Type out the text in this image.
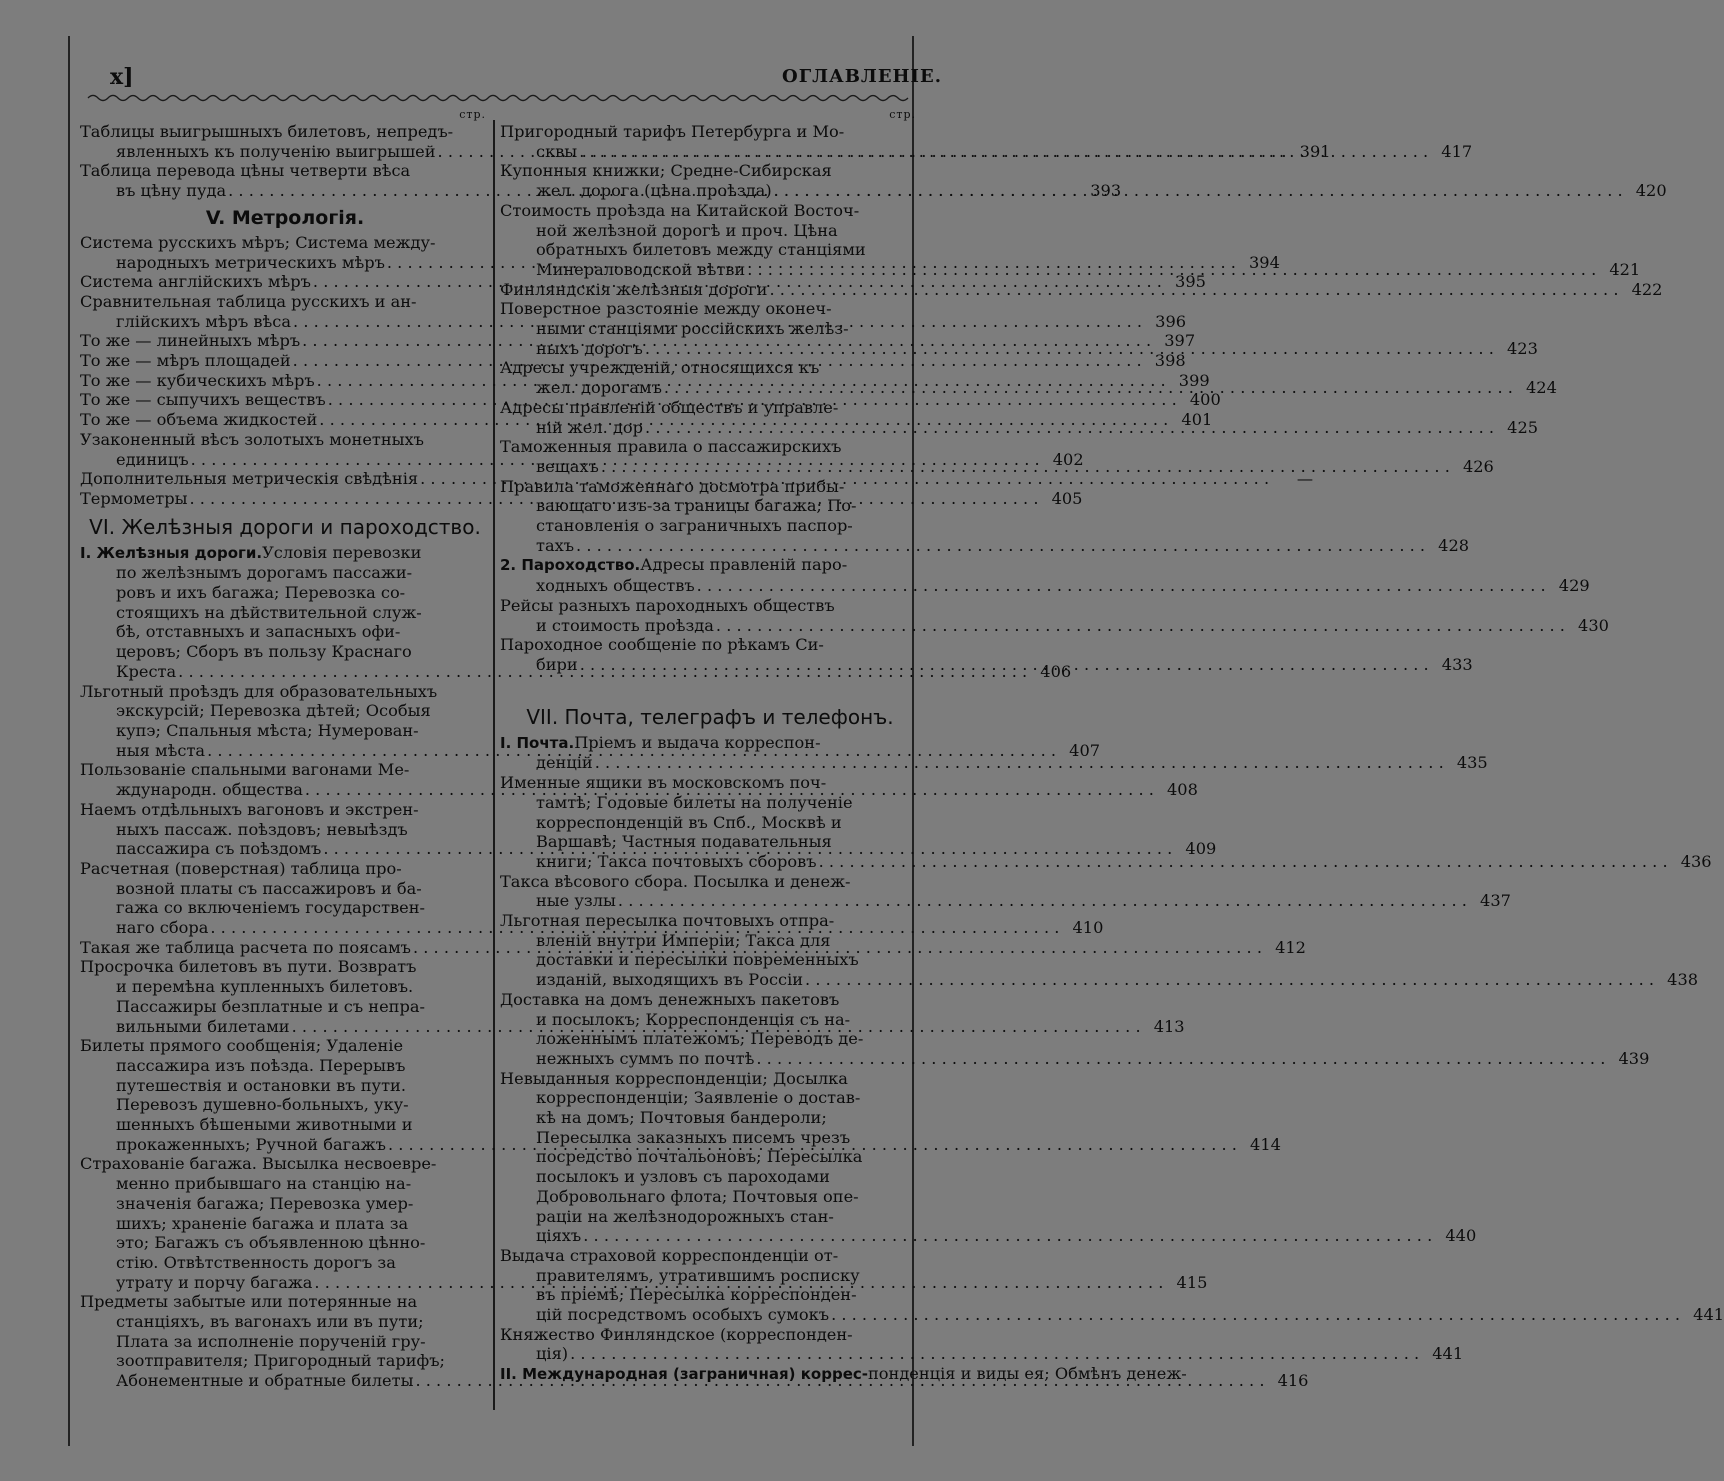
x]	ОГЛАВЛЕНІЕ.
стр.
Таблицы выигрышныхъ билетовъ, непредъ-
явленныхъ къ полученію выигрышей . . .	391
Таблица перевода цѣны четверти вѣса
въ цѣну пуда . . .	393
V. Метрологія.
Система русскихъ мѣръ; Система между-
народныхъ метрическихъ мѣръ . . .	394
Система англійскихъ мѣръ . . .	395
Сравнительная таблица русскихъ и ан-
глійскихъ мѣръ вѣса . . .	396
То же — линейныхъ мѣръ . . .	397
То же — мѣръ площадей . . .	398
То же — кубическихъ мѣръ . . .	399
То же — сыпучихъ веществъ . . .	400
То же — объема жидкостей . . .	401
Узаконенный вѣсъ золотыхъ монетныхъ
единицъ . . .	402
Дополнительныя метрическія свѣдѣнія . . .	—
Термометры . . .	405
VI. Желѣзныя дороги и пароходство.
I. Желѣзныя дороги. Условія перевозки
по желѣзнымъ дорогамъ пассажи-
ровъ и ихъ багажа; Перевозка со-
стоящихъ на дѣйствительной служ-
бѣ, отставныхъ и запасныхъ офи-
церовъ; Сборъ въ пользу Краснаго
Креста . . .	406
Льготный проѣздъ для образовательныхъ
экскурсій; Перевозка дѣтей; Особыя
купэ; Спальныя мѣста; Нумерован-
ныя мѣста . . .	407
Пользованіе спальными вагонами Ме-
ждународн. общества . . .	408
Наемъ отдѣльныхъ вагоновъ и экстрен-
ныхъ пассаж. поѣздовъ; невыѣздъ
пассажира съ поѣздомъ . . .	409
Расчетная (поверстная) таблица про-
возной платы съ пассажировъ и ба-
гажа со включеніемъ государствен-
наго сбора . . .	410
Такая же таблица расчета по поясамъ . . .	412
Просрочка билетовъ въ пути. Возвратъ
и перемѣна купленныхъ билетовъ.
Пассажиры безплатные и съ непра-
вильными билетами . . .	413
Билеты прямого сообщенія; Удаленіе
пассажира изъ поѣзда. Перерывъ
путешествія и остановки въ пути.
Перевозъ душевно-больныхъ, уку-
шенныхъ бѣшеными животными и
прокаженныхъ; Ручной багажъ . . .	414
Страхованіе багажа. Высылка несвоевре-
менно прибывшаго на станцію на-
значенія багажа; Перевозка умер-
шихъ; храненіе багажа и плата за
это; Багажъ съ объявленною цѣнно-
стію. Отвѣтственность дорогъ за
утрату и порчу багажа . . .	415
Предметы забытые или потерянные на
станціяхъ, въ вагонахъ или въ пути;
Плата за исполненіе порученій гру-
зоотправителя; Пригородный тарифъ;
Абонементные и обратные билеты . . .	416
стр.
Пригородный тарифъ Петербурга и Мо-
сквы . . .	417
Купонныя книжки; Средне-Сибирская
жел. дорога (цѣна проѣзда) . . .	420
Стоимость проѣзда на Китайской Восточ-
ной желѣзной дорогѣ и проч. Цѣна
обратныхъ билетовъ между станціями
Минераловодской вѣтви . . .	421
Финляндскія желѣзныя дороги . . .	422
Поверстное разстояніе между оконеч-
ными станціями россійскихъ желѣз-
ныхъ дорогъ . . .	423
Адресы учрежденій, относящихся къ
жел. дорогамъ . . .	424
Адресы правленій обществъ и управле-
ній жел. дор . . .	425
Таможенныя правила о пассажирскихъ
вещахъ . . .	426
Правила таможеннаго досмотра прибы-
вающаго изъ-за границы багажа; По-
становленія о заграничныхъ паспор-
тахъ . . .	428
2. Пароходство. Адресы правленій паро-
ходныхъ обществъ . . .	429
Рейсы разныхъ пароходныхъ обществъ
и стоимость проѣзда . . .	430
Пароходное сообщеніе по рѣкамъ Си-
бири . . .	433
VII. Почта, телеграфъ и телефонъ.
I. Почта. Пріемъ и выдача корреспон-
денцій . . .	435
Именные ящики въ московскомъ поч-
тамтѣ; Годовые билеты на полученіе
корреспонденцій въ Спб., Москвѣ и
Варшавѣ; Частныя подавательныя
книги; Такса почтовыхъ сборовъ . . .	436
Такса вѣсового сбора. Посылка и денеж-
ные узлы . . .	437
Льготная пересылка почтовыхъ отпра-
вленій внутри Имперіи; Такса для
доставки и пересылки повременныхъ
изданій, выходящихъ въ Россіи . . .	438
Доставка на домъ денежныхъ пакетовъ
и посылокъ; Корреспонденція съ на-
ложеннымъ платежомъ; Переводъ де-
нежныхъ суммъ по почтѣ . . .	439
Невыданныя корреспонденціи; Досылка
корреспонденціи; Заявленіе о достав-
кѣ на домъ; Почтовыя бандероли;
Пересылка заказныхъ писемъ чрезъ
посредство почтальоновъ; Пересылка
посылокъ и узловъ съ пароходами
Добровольнаго флота; Почтовыя опе-
раціи на желѣзнодорожныхъ стан-
ціяхъ . . .	440
Выдача страховой корреспонденціи от-
правителямъ, утратившимъ росписку
въ пріемѣ; Пересылка корреспонден-
цій посредствомъ особыхъ сумокъ . . .	441
Княжество Финляндское (корреспонден-
ція) . . .	441
II. Международная (заграничная) коррес- понденція и виды ея; Обмѣнъ денеж-
